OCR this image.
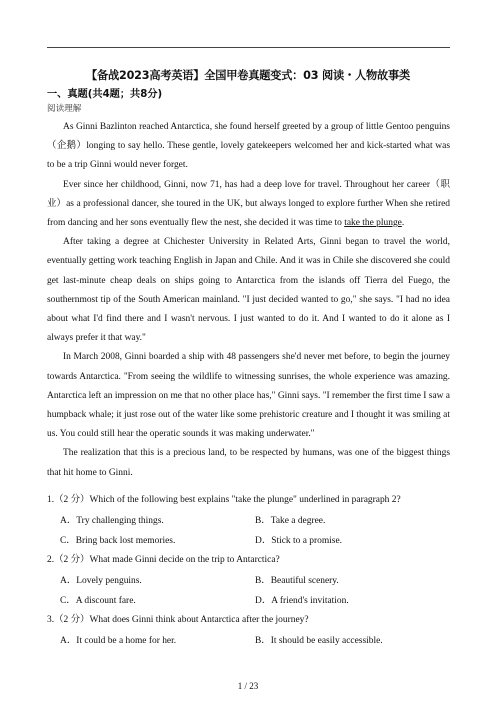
【备战2023高考英语】全国甲卷真题变式：03 阅读・人物故事类
一、真题(共4题；共8分)
阅读理解

As Ginni Bazlinton reached Antarctica, she found herself greeted by a group of little Gentoo penguins（企鹅）longing to say hello. These gentle, lovely gatekeepers welcomed her and kick-started what was to be a trip Ginni would never forget.

Ever since her childhood, Ginni, now 71, has had a deep love for travel. Throughout her career（职业）as a professional dancer, she toured in the UK, but always longed to explore further When she retired from dancing and her sons eventually flew the nest, she decided it was time to take the plunge.

After taking a degree at Chichester University in Related Arts, Ginni began to travel the world, eventually getting work teaching English in Japan and Chile. And it was in Chile she discovered she could get last-minute cheap deals on ships going to Antarctica from the islands off Tierra del Fuego, the southernmost tip of the South American mainland. "I just decided wanted to go," she says. "I had no idea about what I'd find there and I wasn't nervous. I just wanted to do it. And I wanted to do it alone as I always prefer it that way."

In March 2008, Ginni boarded a ship with 48 passengers she'd never met before, to begin the journey towards Antarctica. "From seeing the wildlife to witnessing sunrises, the whole experience was amazing. Antarctica left an impression on me that no other place has," Ginni says. "I remember the first time I saw a humpback whale; it just rose out of the water like some prehistoric creature and I thought it was smiling at us. You could still hear the operatic sounds it was making underwater."

The realization that this is a precious land, to be respected by humans, was one of the biggest things that hit home to Ginni.

1.（2 分）Which of the following best explains "take the plunge" underlined in paragraph 2?
A．Try challenging things.	B．Take a degree.
C．Bring back lost memories.	D．Stick to a promise.
2.（2 分）What made Ginni decide on the trip to Antarctica?
A．Lovely penguins.	B．Beautiful scenery.
C．A discount fare.	D．A friend's invitation.
3.（2 分）What does Ginni think about Antarctica after the journey?
A．It could be a home for her.	B．It should be easily accessible.
1 / 23
